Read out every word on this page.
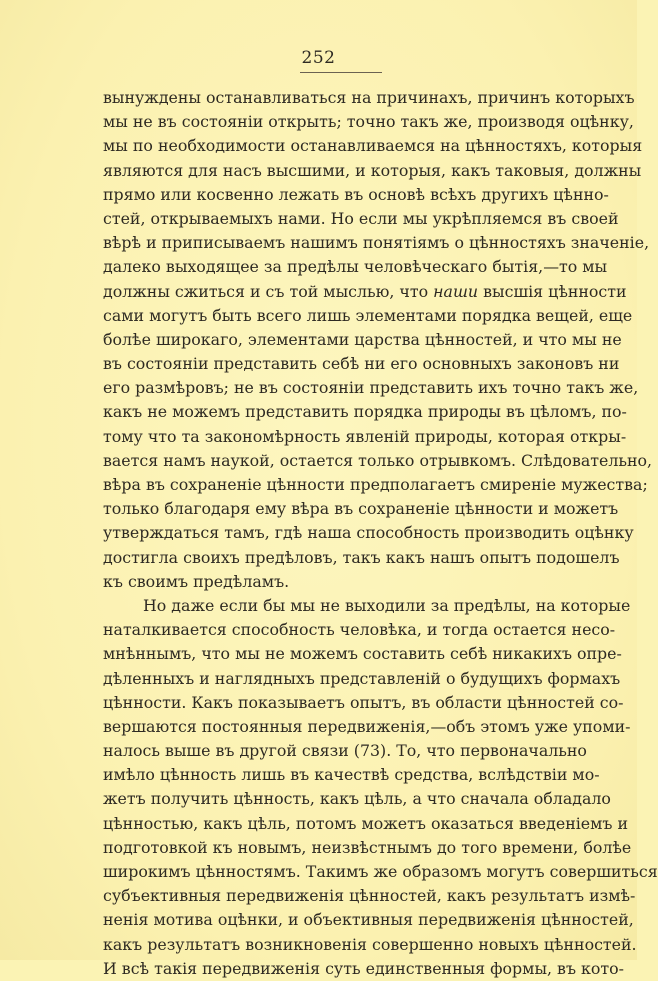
252
вынуждены останавливаться на причинахъ, причинъ которыхъ
мы не въ состоянiи открыть; точно такъ же, производя оцѣнку,
мы по необходимости останавливаемся на цѣнностяхъ, которыя
являются для насъ высшими, и которыя, какъ таковыя, должны
прямо или косвенно лежать въ основѣ всѣхъ другихъ цѣнно-
стей, открываемыхъ нами. Но если мы укрѣпляемся въ своей
вѣрѣ и приписываемъ нашимъ понятiямъ о цѣнностяхъ значенiе,
далеко выходящее за предѣлы человѣческаго бытiя,—то мы
должны сжиться и съ той мыслью, что наши высшiя цѣнности
сами могутъ быть всего лишь элементами порядка вещей, еще
болѣе широкаго, элементами царства цѣнностей, и что мы не
въ состоянiи представить себѣ ни его основныхъ законовъ ни
его размѣровъ; не въ состоянiи представить ихъ точно такъ же,
какъ не можемъ представить порядка природы въ цѣломъ, по-
тому что та закономѣрность явленiй природы, которая откры-
вается намъ наукой, остается только отрывкомъ. Слѣдовательно,
вѣра въ сохраненiе цѣнности предполагаетъ смиренiе мужества;
только благодаря ему вѣра въ сохраненiе цѣнности и можетъ
утверждаться тамъ, гдѣ наша способность производить оцѣнку
достигла своихъ предѣловъ, такъ какъ нашъ опытъ подошелъ
къ своимъ предѣламъ.
Но даже если бы мы не выходили за предѣлы, на которые
наталкивается способность человѣка, и тогда остается несо-
мнѣннымъ, что мы не можемъ составить себѣ никакихъ опре-
дѣленныхъ и наглядныхъ представленiй о будущихъ формахъ
цѣнности. Какъ показываетъ опытъ, въ области цѣнностей со-
вершаются постоянныя передвиженiя,—объ этомъ уже упоми-
налось выше въ другой связи (73). То, что первоначально
имѣло цѣнность лишь въ качествѣ средства, вслѣдствiи мо-
жетъ получить цѣнность, какъ цѣль, а что сначала обладало
цѣнностью, какъ цѣль, потомъ можетъ оказаться введенiемъ и
подготовкой къ новымъ, неизвѣстнымъ до того времени, болѣе
широкимъ цѣнностямъ. Такимъ же образомъ могутъ совершиться
субъективныя передвиженiя цѣнностей, какъ результатъ измѣ-
ненiя мотива оцѣнки, и объективныя передвиженiя цѣнностей,
какъ результатъ возникновенiя совершенно новыхъ цѣнностей.
И всѣ такiя передвиженiя суть единственныя формы, въ кото-
